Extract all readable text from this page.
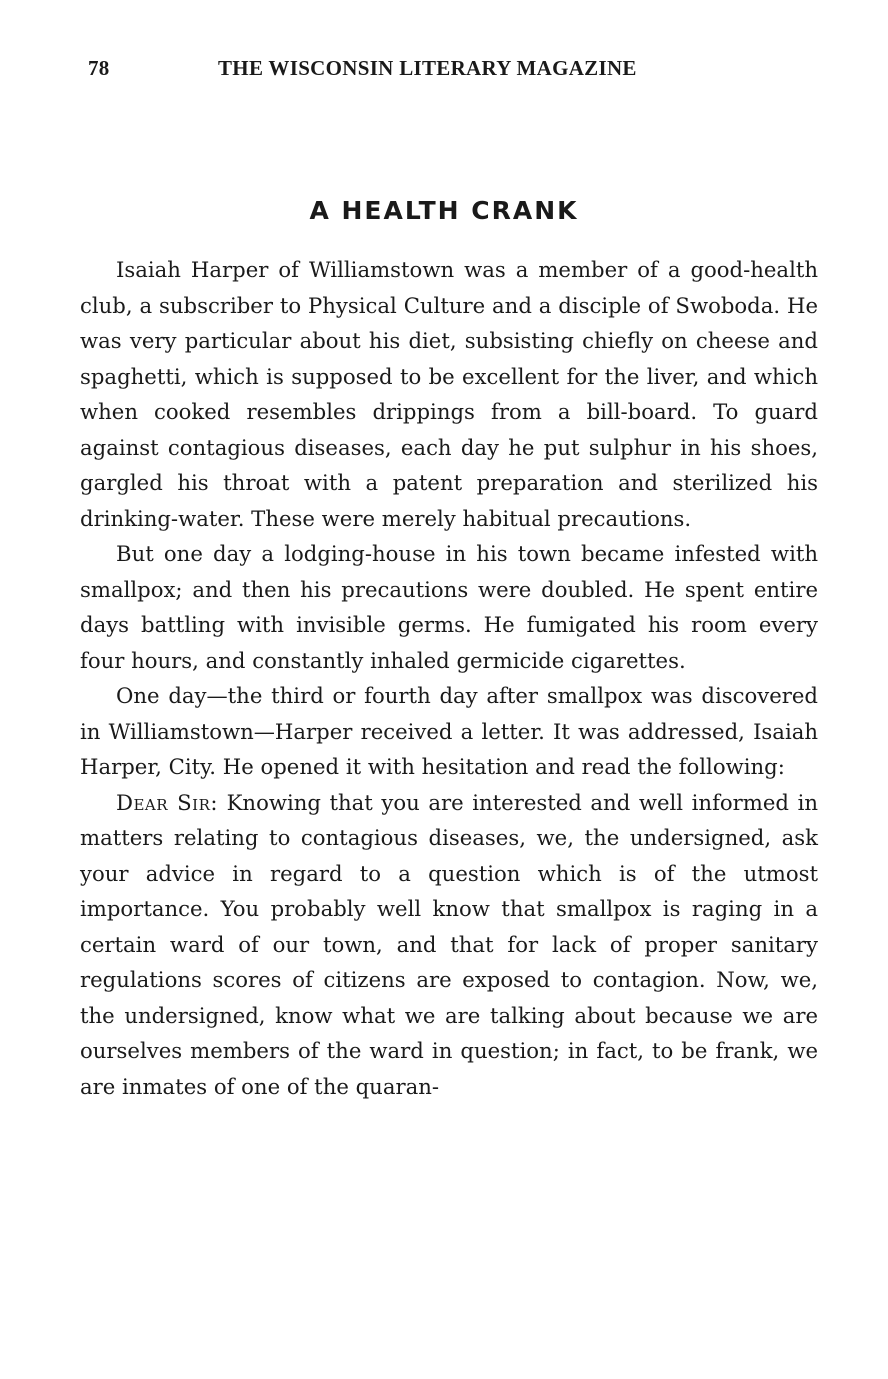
78	THE WISCONSIN LITERARY MAGAZINE
A HEALTH CRANK

Isaiah Harper of Williamstown was a member of a good-health club, a subscriber to Physical Culture and a disciple of Swoboda. He was very particular about his diet, subsisting chiefly on cheese and spaghetti, which is supposed to be excellent for the liver, and which when cooked resembles drippings from a bill-board. To guard against contagious diseases, each day he put sulphur in his shoes, gargled his throat with a patent preparation and sterilized his drinking-water. These were merely habitual precautions.

But one day a lodging-house in his town became infested with smallpox; and then his precautions were doubled. He spent entire days battling with invisible germs. He fumigated his room every four hours, and constantly inhaled germicide cigarettes.

One day—the third or fourth day after smallpox was discovered in Williamstown—Harper received a letter. It was addressed, Isaiah Harper, City. He opened it with hesitation and read the following:

Dear Sir: Knowing that you are interested and well informed in matters relating to contagious diseases, we, the undersigned, ask your advice in regard to a question which is of the utmost importance. You probably well know that smallpox is raging in a certain ward of our town, and that for lack of proper sanitary regulations scores of citizens are exposed to contagion. Now, we, the undersigned, know what we are talking about because we are ourselves members of the ward in question; in fact, to be frank, we are inmates of one of the quaran-
